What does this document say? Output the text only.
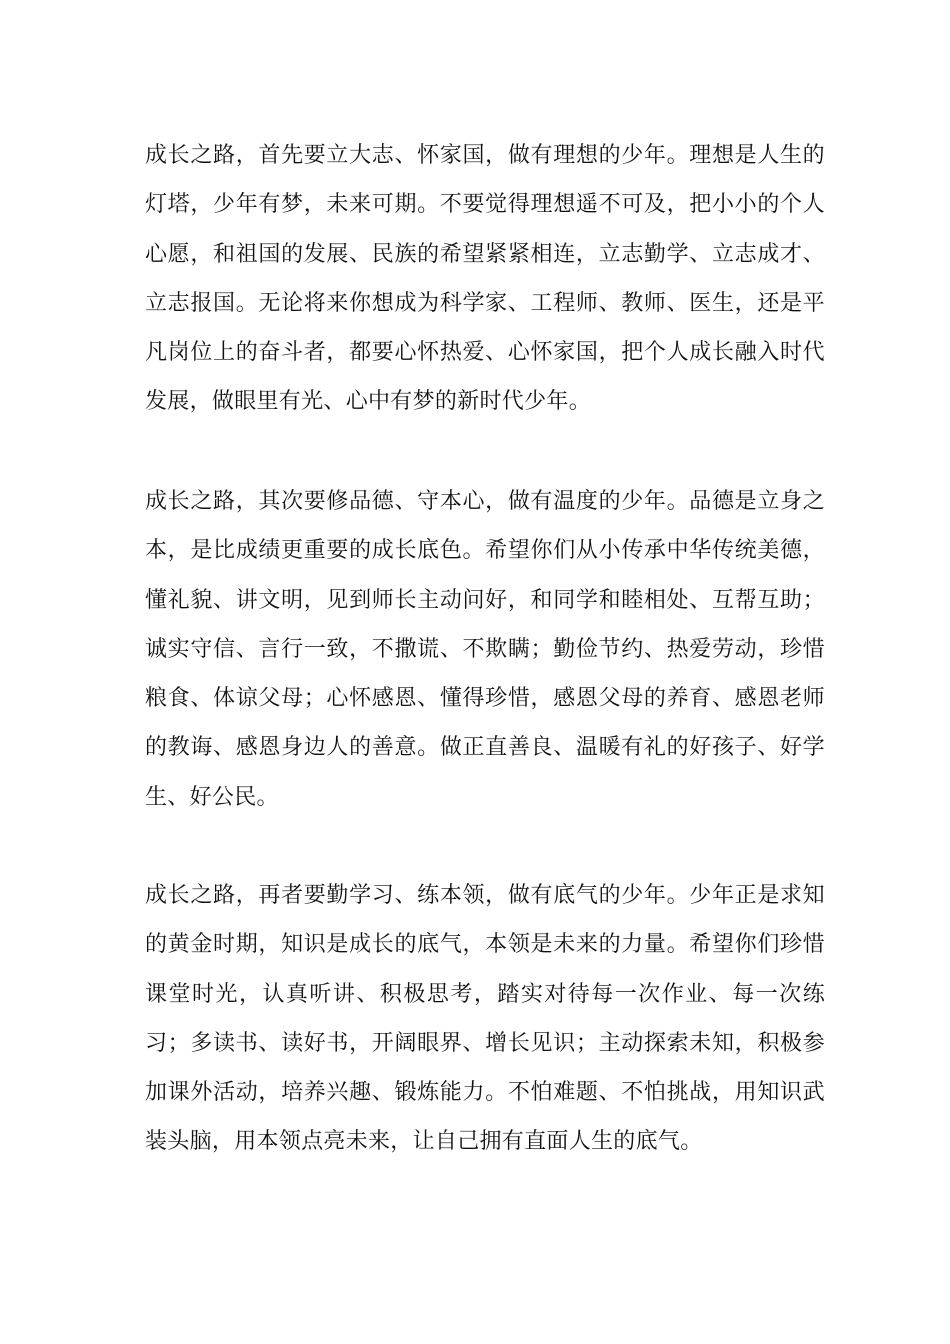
成长之路，首先要立大志、怀家国，做有理想的少年。理想是人生的灯塔，少年有梦，未来可期。不要觉得理想遥不可及，把小小的个人心愿，和祖国的发展、民族的希望紧紧相连，立志勤学、立志成才、立志报国。无论将来你想成为科学家、工程师、教师、医生，还是平凡岗位上的奋斗者，都要心怀热爱、心怀家国，把个人成长融入时代发展，做眼里有光、心中有梦的新时代少年。

成长之路，其次要修品德、守本心，做有温度的少年。品德是立身之本，是比成绩更重要的成长底色。希望你们从小传承中华传统美德，懂礼貌、讲文明，见到师长主动问好，和同学和睦相处、互帮互助；诚实守信、言行一致，不撒谎、不欺瞒；勤俭节约、热爱劳动，珍惜粮食、体谅父母；心怀感恩、懂得珍惜，感恩父母的养育、感恩老师的教诲、感恩身边人的善意。做正直善良、温暖有礼的好孩子、好学生、好公民。

成长之路，再者要勤学习、练本领，做有底气的少年。少年正是求知的黄金时期，知识是成长的底气，本领是未来的力量。希望你们珍惜课堂时光，认真听讲、积极思考，踏实对待每一次作业、每一次练习；多读书、读好书，开阔眼界、增长见识；主动探索未知，积极参加课外活动，培养兴趣、锻炼能力。不怕难题、不怕挑战，用知识武装头脑，用本领点亮未来，让自己拥有直面人生的底气。
